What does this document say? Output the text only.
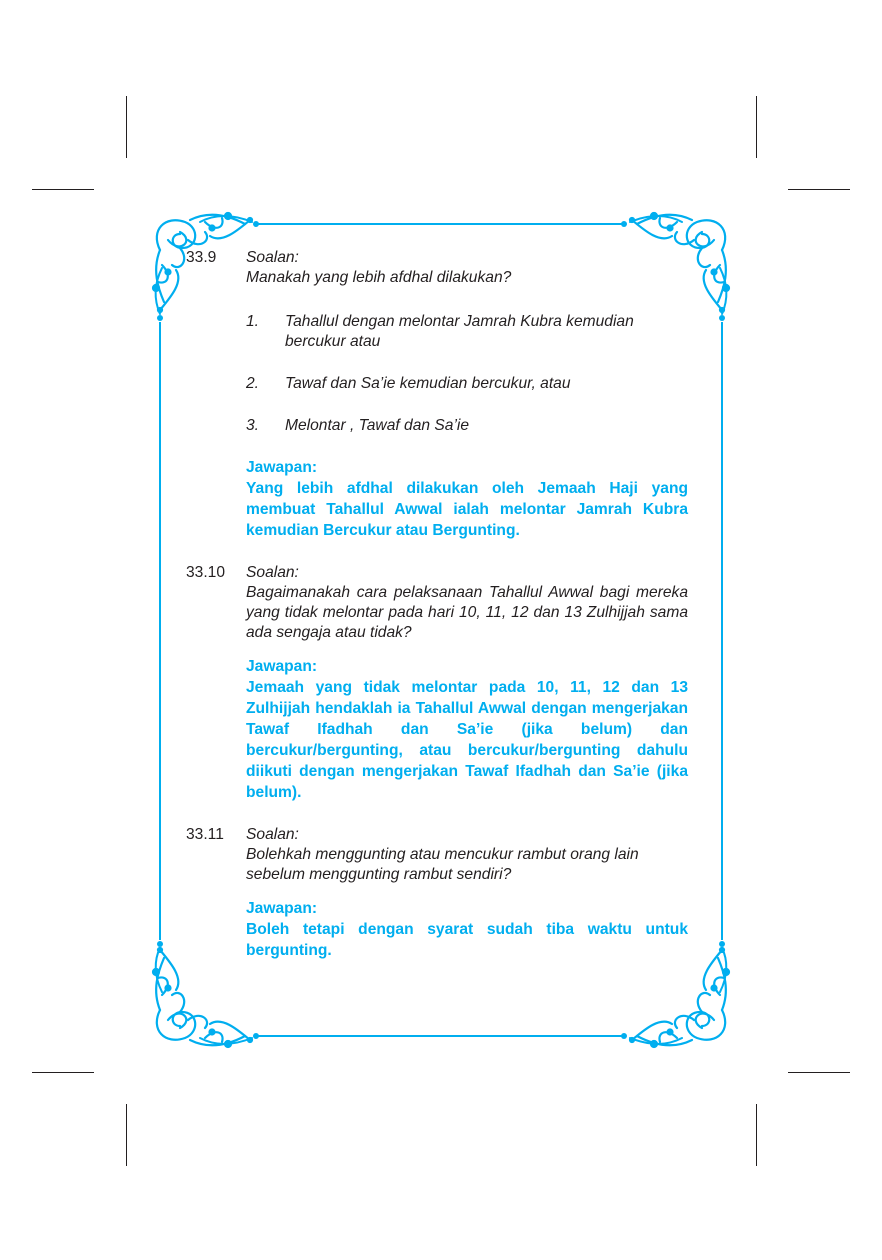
33.9 Soalan:
Manakah yang lebih afdhal dilakukan?
1. Tahallul dengan melontar Jamrah Kubra kemudian bercukur atau
2. Tawaf dan Sa’ie kemudian bercukur, atau
3. Melontar , Tawaf dan Sa’ie
Jawapan:
Yang lebih afdhal dilakukan oleh Jemaah Haji yang membuat Tahallul Awwal ialah melontar Jamrah Kubra kemudian Bercukur atau Bergunting.
33.10 Soalan:
Bagaimanakah cara pelaksanaan Tahallul Awwal bagi mereka yang tidak melontar pada hari 10, 11, 12 dan 13 Zulhijjah sama ada sengaja atau tidak?
Jawapan:
Jemaah yang tidak melontar pada 10, 11, 12 dan 13 Zulhijjah hendaklah ia Tahallul Awwal dengan mengerjakan Tawaf Ifadhah dan Sa’ie (jika belum) dan bercukur/bergunting, atau bercukur/bergunting dahulu diikuti dengan mengerjakan Tawaf Ifadhah dan Sa’ie (jika belum).
33.11 Soalan:
Bolehkah menggunting atau mencukur rambut orang lain sebelum menggunting rambut sendiri?
Jawapan:
Boleh tetapi dengan syarat sudah tiba waktu untuk bergunting.
